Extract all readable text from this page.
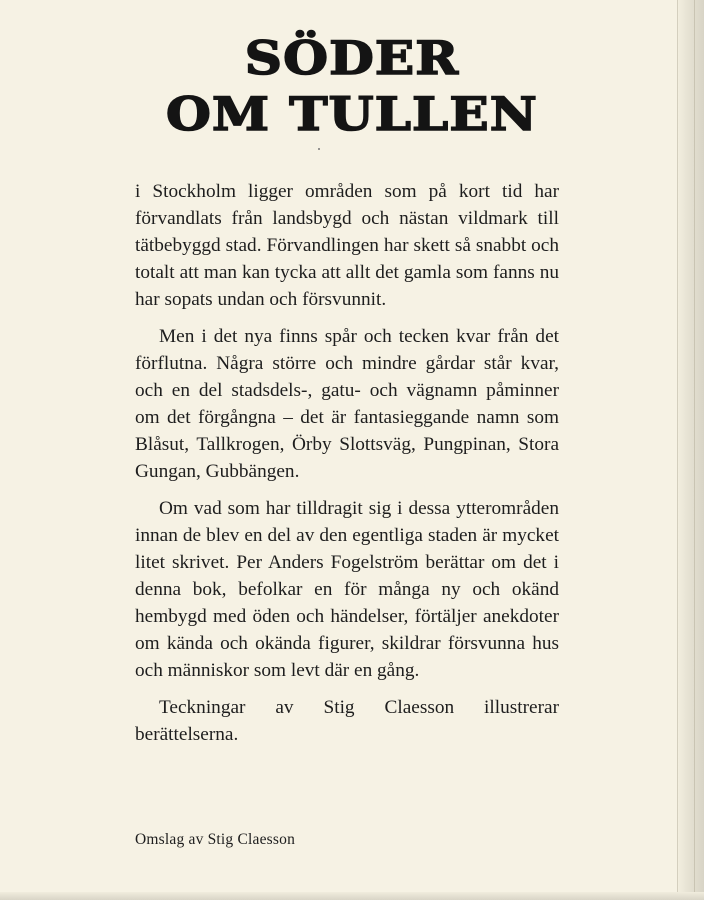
SÖDER
OM TULLEN

i Stockholm ligger områden som på kort tid har förvandlats från landsbygd och nästan vildmark till tätbebyggd stad. Förvandlingen har skett så snabbt och totalt att man kan tycka att allt det gamla som fanns nu har sopats undan och försvunnit.

Men i det nya finns spår och tecken kvar från det förflutna. Några större och mindre gårdar står kvar, och en del stadsdels-, gatu- och vägnamn påminner om det förgångna – det är fantasieggande namn som Blåsut, Tallkrogen, Örby Slottsväg, Pungpinan, Stora Gungan, Gubbängen.

Om vad som har tilldragit sig i dessa ytterområden innan de blev en del av den egentliga staden är mycket litet skrivet. Per Anders Fogelström berättar om det i denna bok, befolkar en för många ny och okänd hembygd med öden och händelser, förtäljer anekdoter om kända och okända figurer, skildrar försvunna hus och människor som levt där en gång.

Teckningar av Stig Claesson illustrerar berättelserna.

Omslag av Stig Claesson
